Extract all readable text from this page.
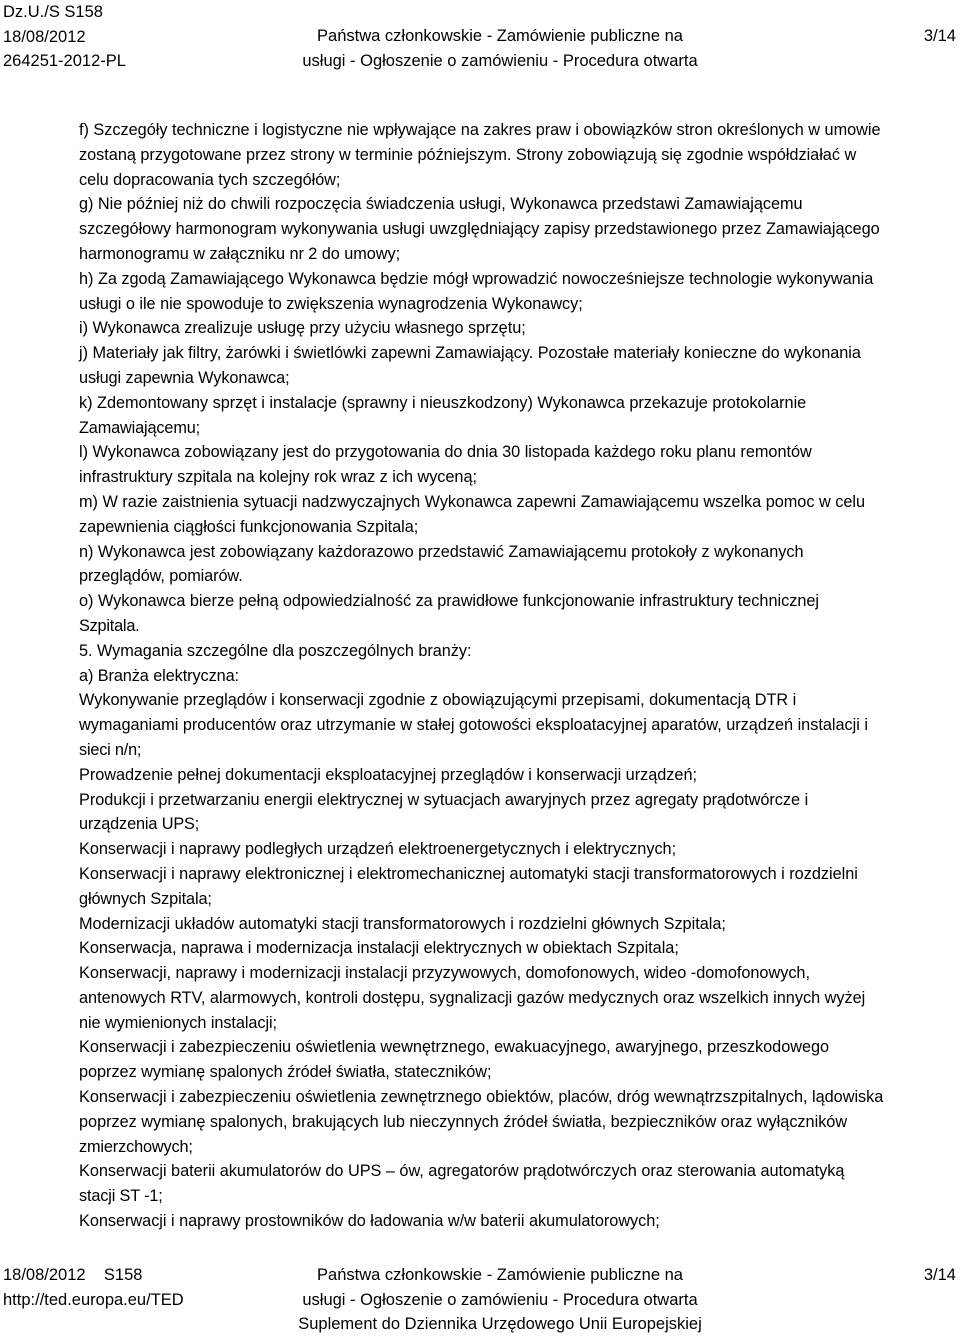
Dz.U./S S158
18/08/2012
264251-2012-PL
Państwa członkowskie - Zamówienie publiczne na
usługi - Ogłoszenie o zamówieniu - Procedura otwarta
3/14
f) Szczegóły techniczne i logistyczne nie wpływające na zakres praw i obowiązków stron określonych w umowie
zostaną przygotowane przez strony w terminie późniejszym. Strony zobowiązują się zgodnie współdziałać w
celu dopracowania tych szczegółów;
g) Nie później niż do chwili rozpoczęcia świadczenia usługi, Wykonawca przedstawi Zamawiającemu
szczegółowy harmonogram wykonywania usługi uwzględniający zapisy przedstawionego przez Zamawiającego
harmonogramu w załączniku nr 2 do umowy;
h) Za zgodą Zamawiającego Wykonawca będzie mógł wprowadzić nowocześniejsze technologie wykonywania
usługi o ile nie spowoduje to zwiększenia wynagrodzenia Wykonawcy;
i) Wykonawca zrealizuje usługę przy użyciu własnego sprzętu;
j) Materiały jak filtry, żarówki i świetlówki zapewni Zamawiający. Pozostałe materiały konieczne do wykonania
usługi zapewnia Wykonawca;
k) Zdemontowany sprzęt i instalacje (sprawny i nieuszkodzony) Wykonawca przekazuje protokolarnie
Zamawiającemu;
l) Wykonawca zobowiązany jest do przygotowania do dnia 30 listopada każdego roku planu remontów
infrastruktury szpitala na kolejny rok wraz z ich wyceną;
m) W razie zaistnienia sytuacji nadzwyczajnych Wykonawca zapewni Zamawiającemu wszelka pomoc w celu
zapewnienia ciągłości funkcjonowania Szpitala;
n) Wykonawca jest zobowiązany każdorazowo przedstawić Zamawiającemu protokoły z wykonanych
przeglądów, pomiarów.
o) Wykonawca bierze pełną odpowiedzialność za prawidłowe funkcjonowanie infrastruktury technicznej
Szpitala.
5. Wymagania szczególne dla poszczególnych branży:
a) Branża elektryczna:
Wykonywanie przeglądów i konserwacji zgodnie z obowiązującymi przepisami, dokumentacją DTR i
wymaganiami producentów oraz utrzymanie w stałej gotowości eksploatacyjnej aparatów, urządzeń instalacji i
sieci n/n;
Prowadzenie pełnej dokumentacji eksploatacyjnej przeglądów i konserwacji urządzeń;
Produkcji i przetwarzaniu energii elektrycznej w sytuacjach awaryjnych przez agregaty prądotwórcze i
urządzenia UPS;
Konserwacji i naprawy podległych urządzeń elektroenergetycznych i elektrycznych;
Konserwacji i naprawy elektronicznej i elektromechanicznej automatyki stacji transformatorowych i rozdzielni
głównych Szpitala;
Modernizacji układów automatyki stacji transformatorowych i rozdzielni głównych Szpitala;
Konserwacja, naprawa i modernizacja instalacji elektrycznych w obiektach Szpitala;
Konserwacji, naprawy i modernizacji instalacji przyzywowych, domofonowych, wideo -domofonowych,
antenowych RTV, alarmowych, kontroli dostępu, sygnalizacji gazów medycznych oraz wszelkich innych wyżej
nie wymienionych instalacji;
Konserwacji i zabezpieczeniu oświetlenia wewnętrznego, ewakuacyjnego, awaryjnego, przeszkodowego
poprzez wymianę spalonych źródeł światła, stateczników;
Konserwacji i zabezpieczeniu oświetlenia zewnętrznego obiektów, placów, dróg wewnątrzszpitalnych, lądowiska
poprzez wymianę spalonych, brakujących lub nieczynnych źródeł światła, bezpieczników oraz wyłączników
zmierzchowych;
Konserwacji baterii akumulatorów do UPS – ów, agregatorów prądotwórczych oraz sterowania automatyką
stacji ST -1;
Konserwacji i naprawy prostowników do ładowania w/w baterii akumulatorowych;
18/08/2012    S158
http://ted.europa.eu/TED
Państwa członkowskie - Zamówienie publiczne na
usługi - Ogłoszenie o zamówieniu - Procedura otwarta
Suplement do Dziennika Urzędowego Unii Europejskiej
3/14
